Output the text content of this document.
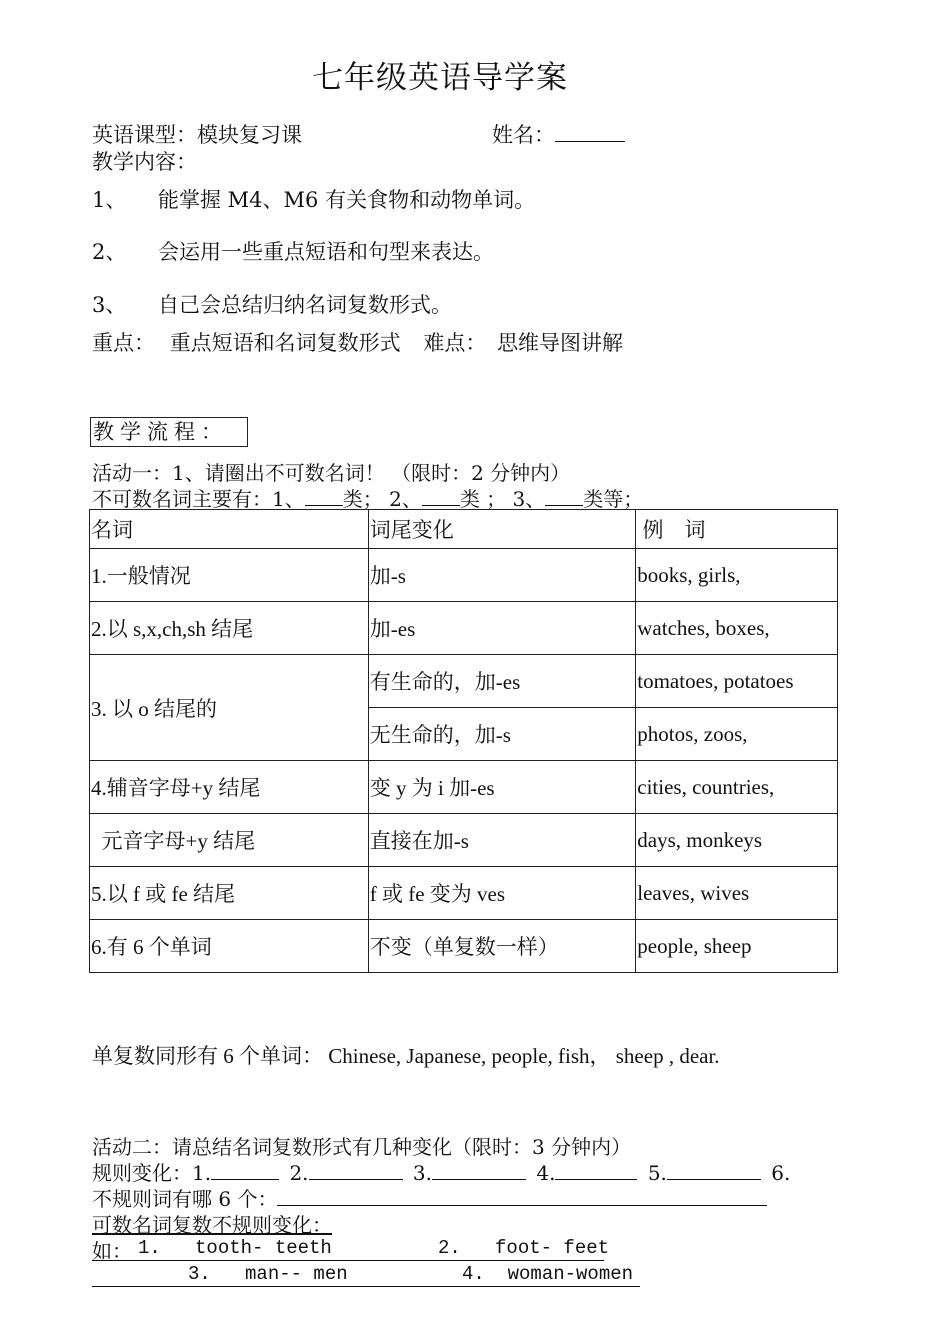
七年级英语导学案
英语课型：模块复习课	姓名：
教学内容：
1、 能掌握 M4、M6 有关食物和动物单词。
2、 会运用一些重点短语和句型来表达。
3、 自己会总结归纳名词复数形式。
重点： 重点短语和名词复数形式 难点： 思维导图讲解
教学流程：
活动一：1、请圈出不可数名词！ （限时：2 分钟内）
不可数名词主要有：1、 类； 2、 类 ； 3、 类等；
名词	词尾变化	例    词
1.一般情况	加-s	books, girls,
2.以 s,x,ch,sh 结尾	加-es	watches, boxes,
3. 以 o 结尾的	有生命的，加-es	tomatoes, potatoes
	无生命的，加-s	photos, zoos,
4.辅音字母+y 结尾	变 y 为 i 加-es	cities, countries,
元音字母+y 结尾	直接在加-s	days, monkeys
5.以 f 或 fe 结尾	f 或 fe 变为 ves	leaves, wives
6.有 6 个单词	不变（单复数一样）	people, sheep
单复数同形有 6 个单词： Chinese, Japanese, people, fish， sheep , dear.
活动二：请总结名词复数形式有几种变化（限时：3 分钟内）
规则变化：1.	2.	3.	4.	5.	6.
不规则词有哪 6 个：
可数名词复数不规则变化：
如： 1.   tooth- teeth	2.   foot- feet
3.   man-- men	4.  woman-women
